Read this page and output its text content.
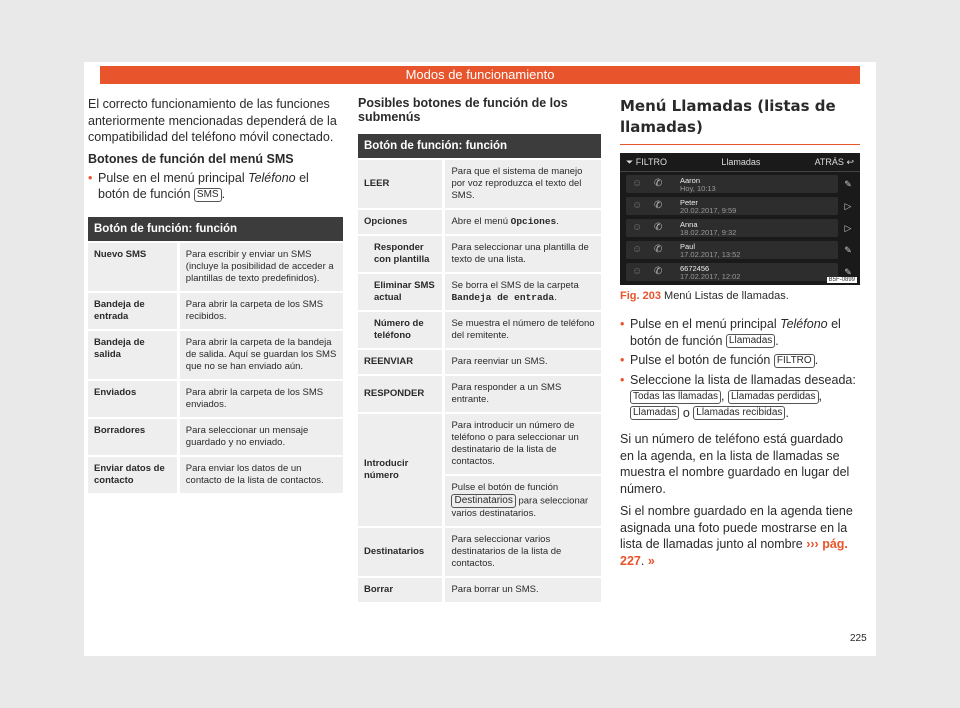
Modos de funcionamiento

El correcto funcionamiento de las funciones anteriormente mencionadas dependerá de la compatibilidad del teléfono móvil conectado.

Botones de función del menú SMS
• Pulse en el menú principal Teléfono el botón de función SMS .
Botón de función: función	
Nuevo SMS	Para escribir y enviar un SMS (incluye la posibilidad de acceder a plantillas de texto predefinidos).
Bandeja de entrada	Para abrir la carpeta de los SMS recibidos.
Bandeja de salida	Para abrir la carpeta de la bandeja de salida. Aquí se guardan los SMS que no se han enviado aún.
Enviados	Para abrir la carpeta de los SMS enviados.
Borradores	Para seleccionar un mensaje guardado y no enviado.
Enviar datos de contacto	Para enviar los datos de un contacto de la lista de contactos.
Posibles botones de función de los submenús
Botón de función: función	
LEER	Para que el sistema de manejo por voz reproduzca el texto del SMS.
Opciones	Abre el menú Opciones.
Responder con plantilla	Para seleccionar una plantilla de texto de una lista.
Eliminar SMS actual	Se borra el SMS de la carpeta Bandeja de entrada.
Número de teléfono	Se muestra el número de teléfono del remitente.
REENVIAR	Para reenviar un SMS.
RESPONDER	Para responder a un SMS entrante.
Introducir número	Para introducir un número de teléfono o para seleccionar un destinatario de la lista de contactos.
	Pulse el botón de función Destinatarios para seleccionar varios destinatarios.
Destinatarios	Para seleccionar varios destinatarios de la lista de contactos.
Borrar	Para borrar un SMS.
Menú Llamadas (listas de llamadas)
⏷ FILTRO	Llamadas	ATRÁS ↩
☺ ✆ Aaron
Hoy, 10:13	✎
☺ ✆ Peter
20.02.2017, 9:59	▷
☺ ✆ Anna
18.02.2017, 9:32	▷
☺ ✆ Paul
17.02.2017, 13:52	✎
☺ ✆ 6672456
17.02.2017, 12:02	✎
B5F-0899
Fig. 203 Menú Listas de llamadas.
• Pulse en el menú principal Teléfono el botón de función Llamadas .
• Pulse el botón de función FILTRO .
• Seleccione la lista de llamadas deseada: Todas las llamadas , Llamadas perdidas , Llamadas o Llamadas recibidas .

Si un número de teléfono está guardado en la agenda, en la lista de llamadas se muestra el nombre guardado en lugar del número.

Si el nombre guardado en la agenda tiene asignada una foto puede mostrarse en la lista de llamadas junto al nombre ››› pág. 227. »

225
